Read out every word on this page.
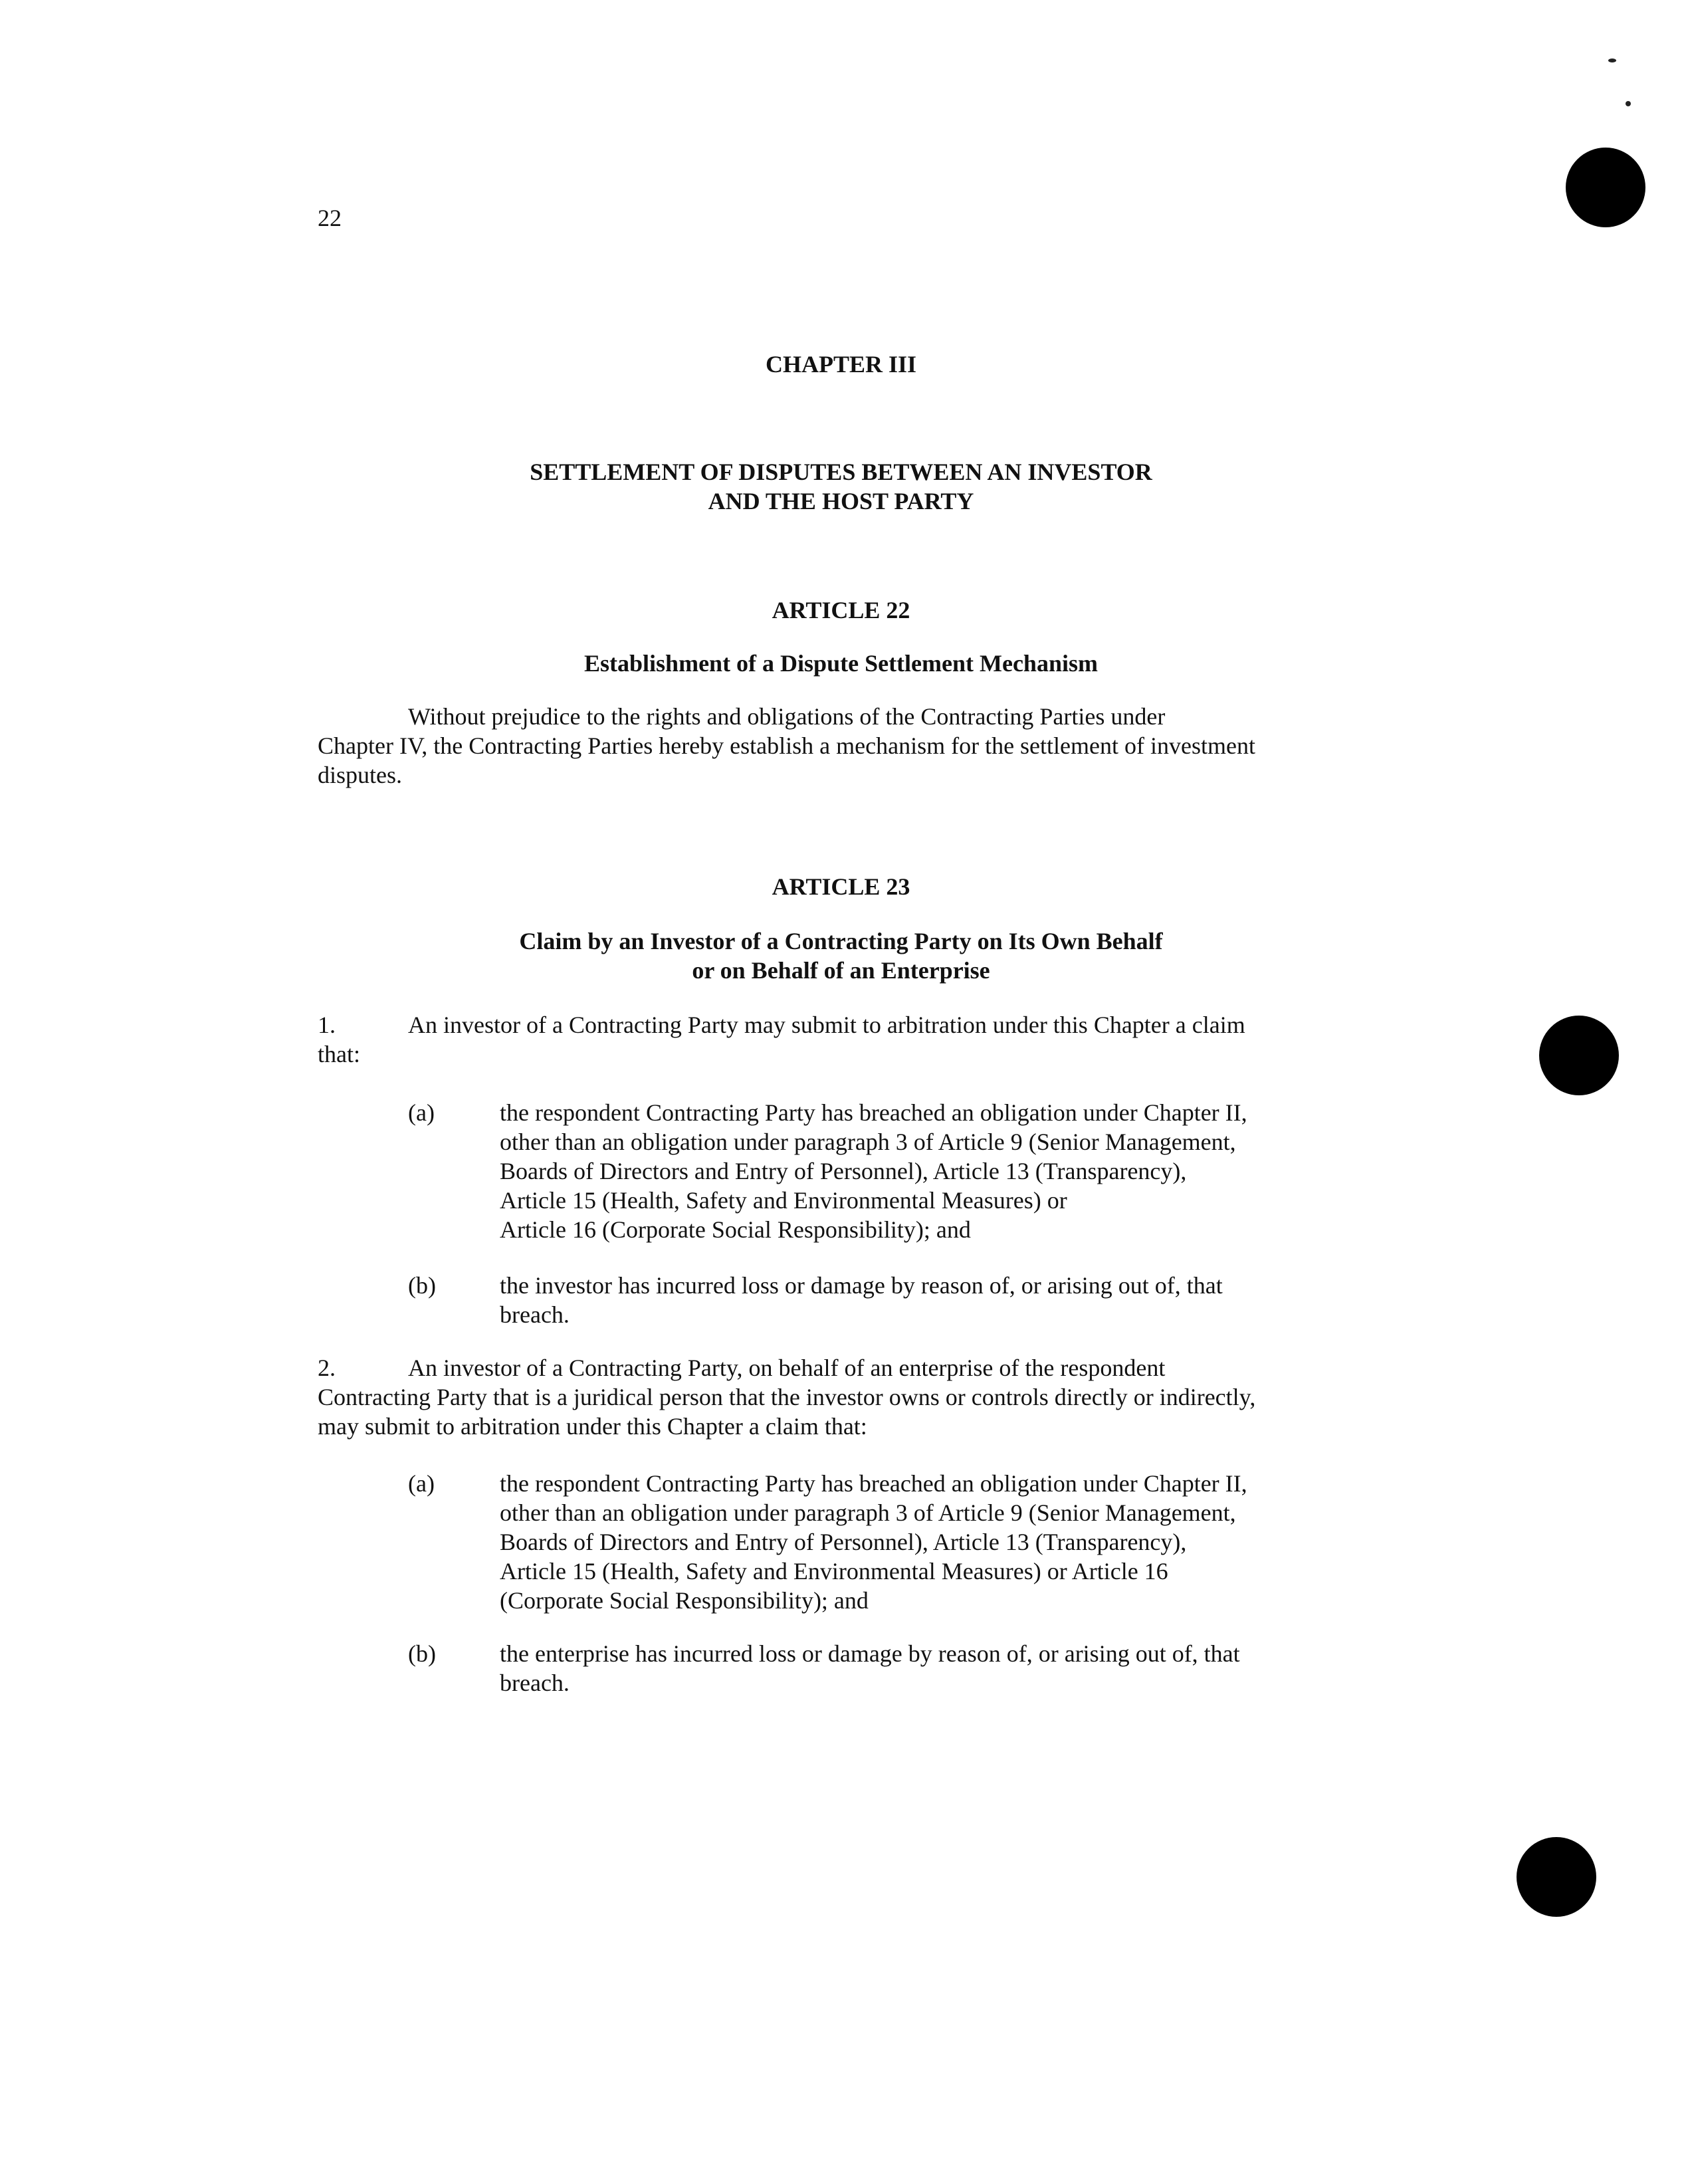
22

CHAPTER III

SETTLEMENT OF DISPUTES BETWEEN AN INVESTOR

AND THE HOST PARTY

ARTICLE 22

Establishment of a Dispute Settlement Mechanism

Without prejudice to the rights and obligations of the Contracting Parties under

Chapter IV, the Contracting Parties hereby establish a mechanism for the settlement of investment

disputes.

ARTICLE 23

Claim by an Investor of a Contracting Party on Its Own Behalf

or on Behalf of an Enterprise

1.	An investor of a Contracting Party may submit to arbitration under this Chapter a claim

that:

(a)	the respondent Contracting Party has breached an obligation under Chapter II,

other than an obligation under paragraph 3 of Article 9 (Senior Management,

Boards of Directors and Entry of Personnel), Article 13 (Transparency),

Article 15 (Health, Safety and Environmental Measures) or

Article 16 (Corporate Social Responsibility); and

(b)	the investor has incurred loss or damage by reason of, or arising out of, that

breach.

2.	An investor of a Contracting Party, on behalf of an enterprise of the respondent

Contracting Party that is a juridical person that the investor owns or controls directly or indirectly,

may submit to arbitration under this Chapter a claim that:

(a)	the respondent Contracting Party has breached an obligation under Chapter II,

other than an obligation under paragraph 3 of Article 9 (Senior Management,

Boards of Directors and Entry of Personnel), Article 13 (Transparency),

Article 15 (Health, Safety and Environmental Measures) or Article 16

(Corporate Social Responsibility); and

(b)	the enterprise has incurred loss or damage by reason of, or arising out of, that

breach.
